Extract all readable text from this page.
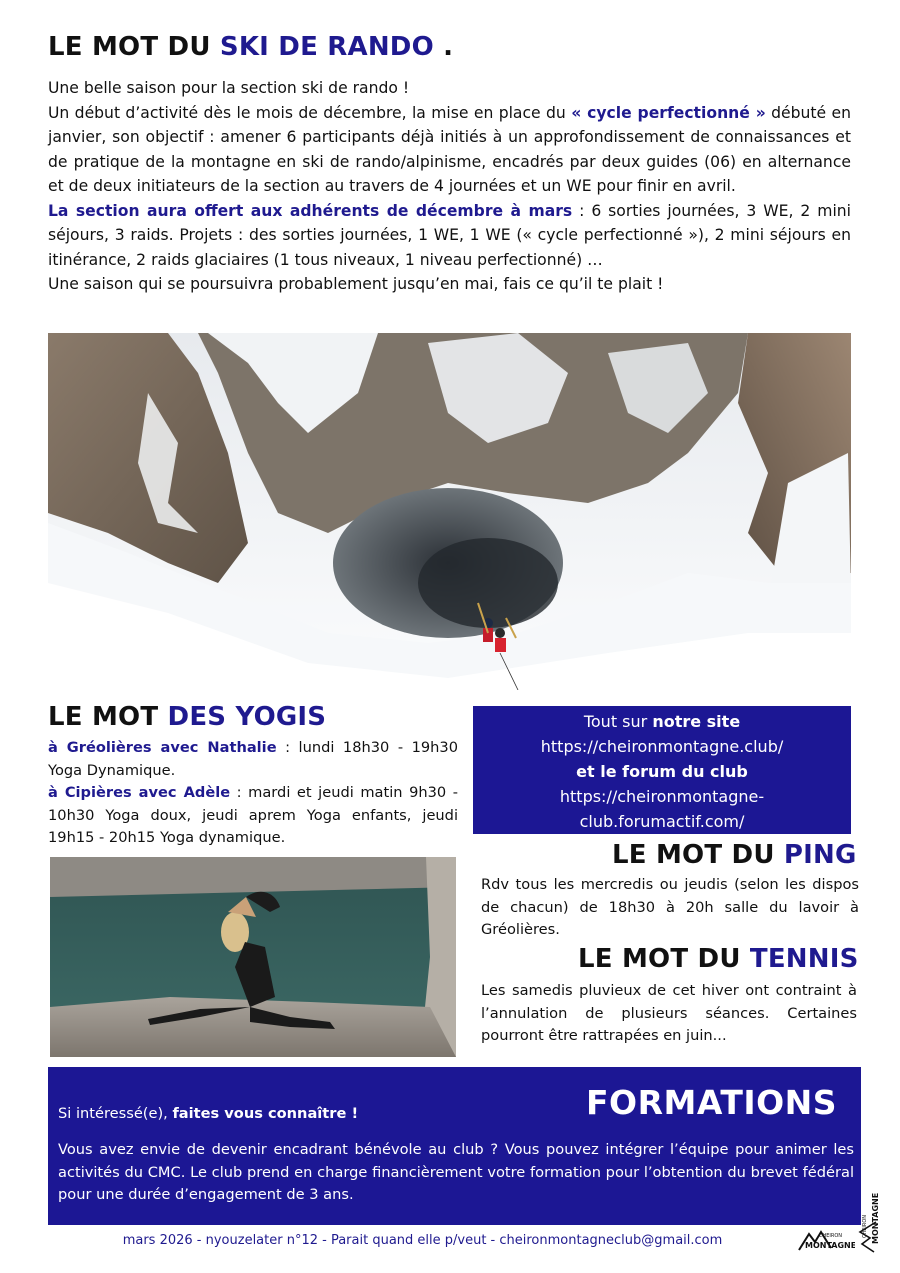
LE MOT DU SKI DE RANDO .

Une belle saison pour la section ski de rando !

Un début d’activité dès le mois de décembre, la mise en place du « cycle perfectionné » débuté en janvier, son objectif : amener 6 participants déjà initiés à un approfondissement de connaissances et de pratique de la montagne en ski de rando/alpinisme, encadrés par deux guides (06) en alternance et de deux initiateurs de la section au travers de 4 journées et un WE pour finir en avril.

La section aura offert aux adhérents de décembre à mars : 6 sorties journées, 3 WE, 2 mini séjours, 3 raids. Projets : des sorties journées, 1 WE, 1 WE (« cycle perfectionné »), 2 mini séjours en itinérance, 2 raids glaciaires (1 tous niveaux, 1 niveau perfectionné) …

Une saison qui se poursuivra probablement jusqu’en mai, fais ce qu’il te plait !

LE MOT DES YOGIS

à Gréolières avec Nathalie : lundi 18h30 - 19h30 Yoga Dynamique.

à Cipières avec Adèle : mardi et jeudi matin 9h30 - 10h30 Yoga doux, jeudi aprem Yoga enfants, jeudi 19h15 - 20h15 Yoga dynamique.

Tout sur notre site
https://cheironmontagne.club/
et le forum du club
https://cheironmontagne-
club.forumactif.com/
LE MOT DU PING
Rdv tous les mercredis ou jeudis (selon les dispos de chacun) de 18h30 à 20h salle du lavoir à Gréolières.
LE MOT DU TENNIS
Les samedis pluvieux de cet hiver ont contraint à l’annulation de plusieurs séances. Certaines pourront être rattrapées en juin...
FORMATIONS
Si intéressé(e), faites vous connaître !
Vous avez envie de devenir encadrant bénévole au club ? Vous pouvez intégrer l’équipe pour animer les activités du CMC. Le club prend en charge financièrement votre formation pour l’obtention du brevet fédéral pour une durée d’engagement de 3 ans.
mars 2026 - nyouzelater n°12 - Parait quand elle p/veut - cheironmontagneclub@gmail.com	CHEIRON
MONTAGNE
CHEIRON MONTAGNE
